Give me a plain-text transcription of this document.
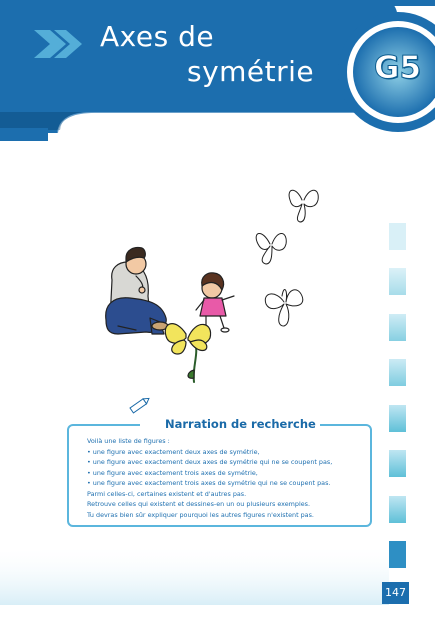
Axes de
symétrie G5
Narration de recherche
Voilà une liste de figures :
• une figure avec exactement deux axes de symétrie,
• une figure avec exactement deux axes de symétrie qui ne se coupent pas,
• une figure avec exactement trois axes de symétrie,
• une figure avec exactement trois axes de symétrie qui ne se coupent pas.
Parmi celles-ci, certaines existent et d'autres pas.
Retrouve celles qui existent et dessines-en un ou plusieurs exemples.
Tu devras bien sûr expliquer pourquoi les autres figures n'existent pas.
147
